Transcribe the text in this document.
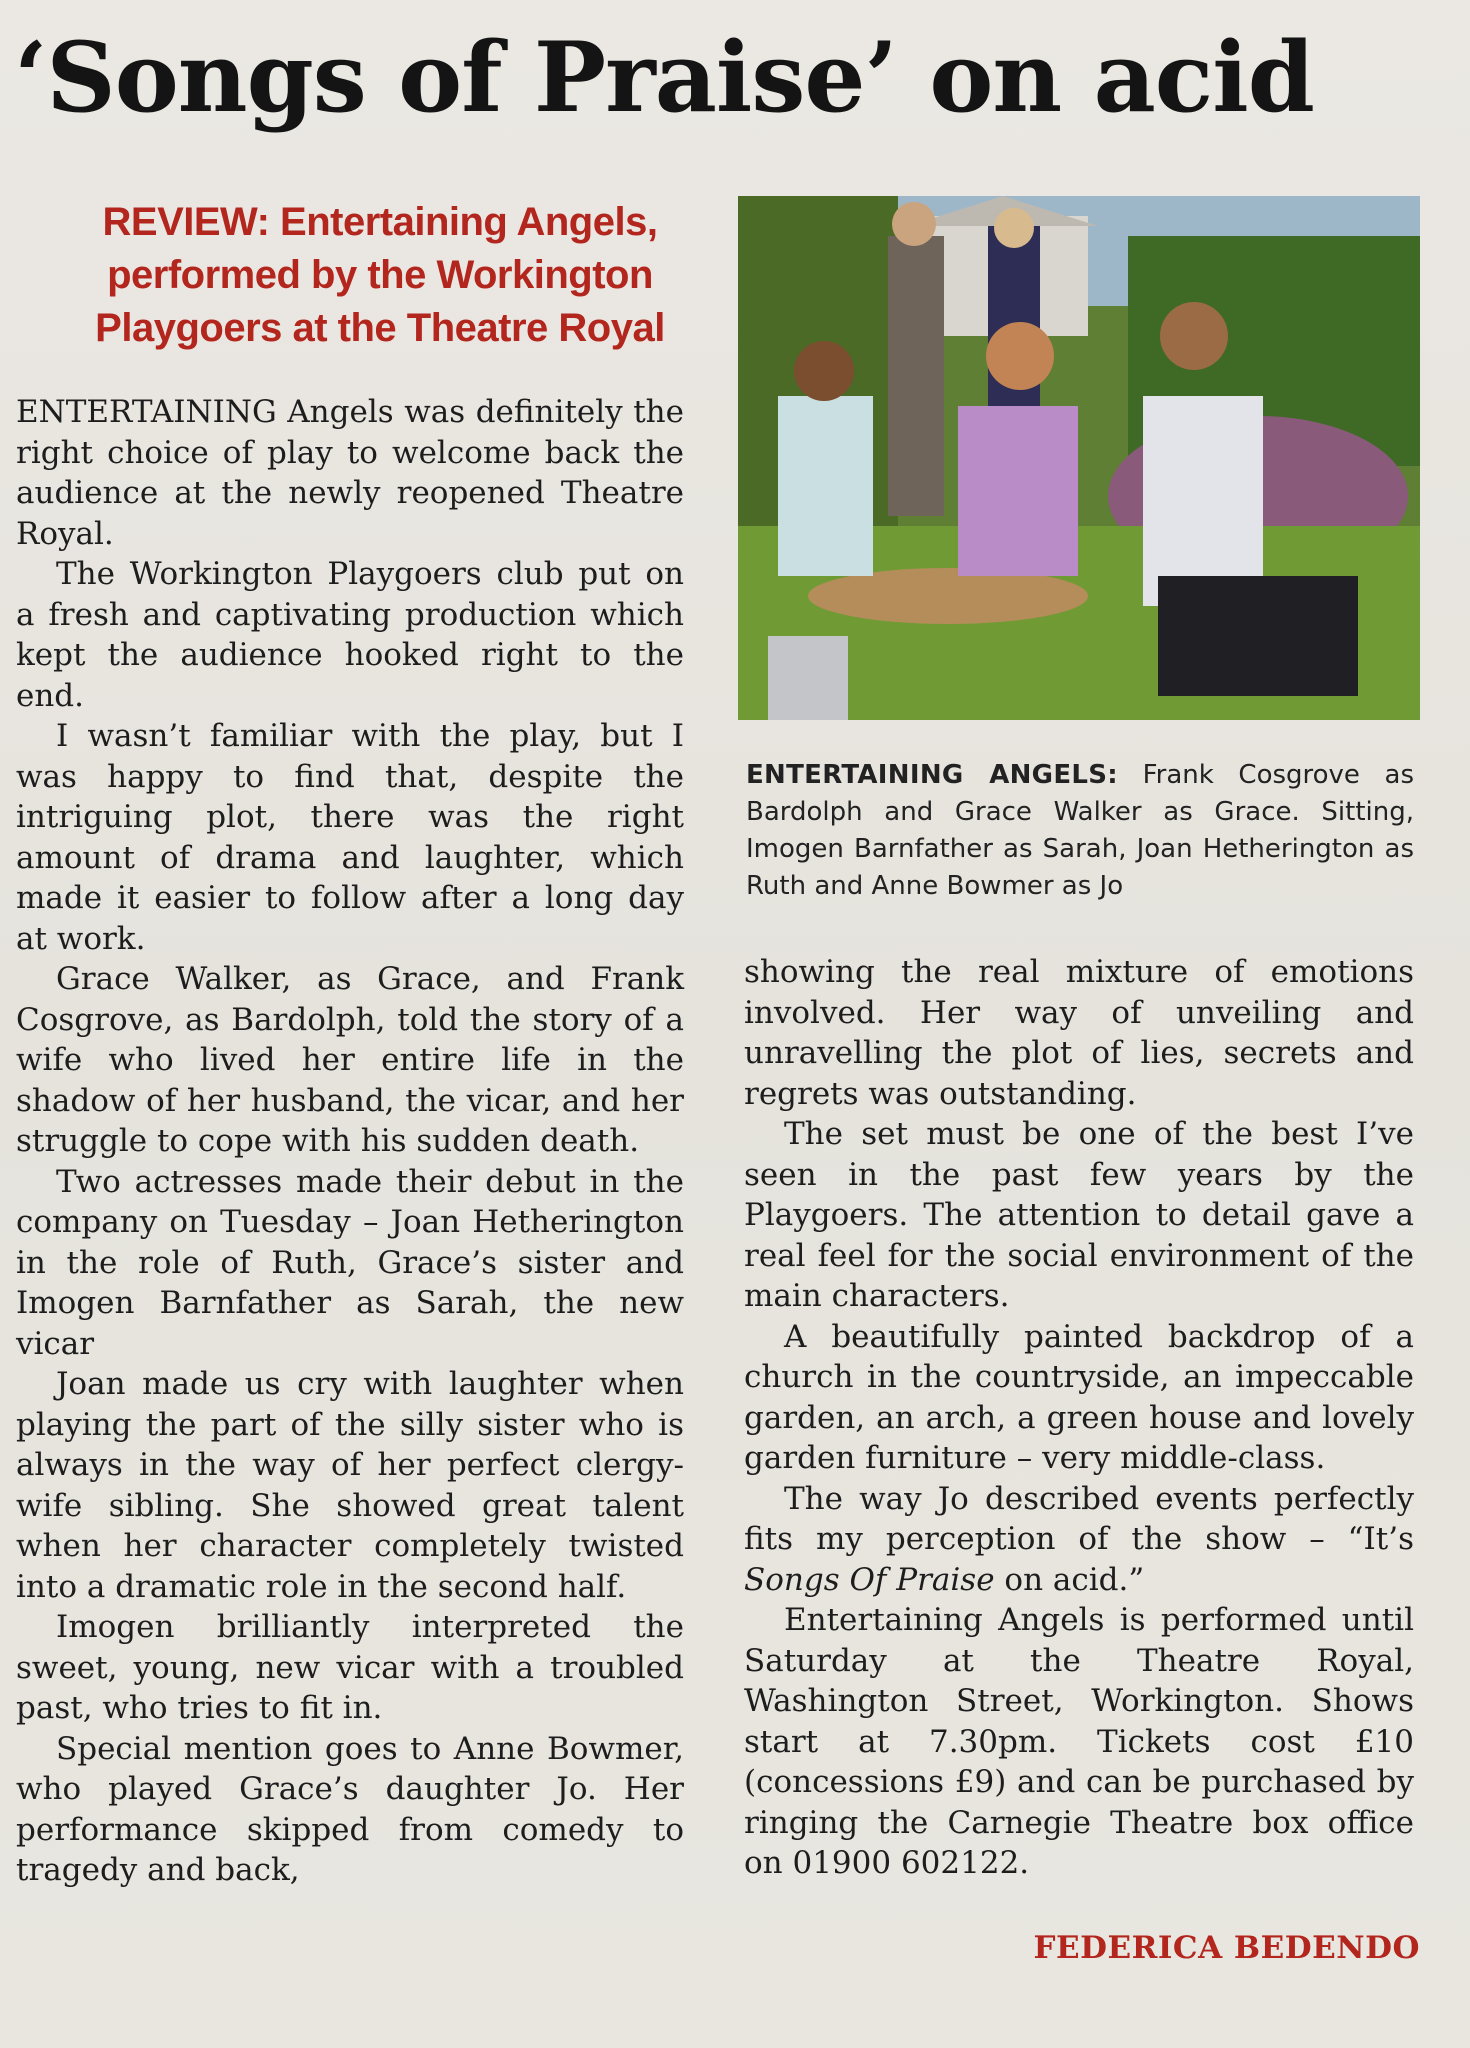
‘Songs of Praise’ on acid
REVIEW: Entertaining Angels, performed by the Workington Playgoers at the Theatre Royal

ENTERTAINING Angels was definitely the right choice of play to welcome back the audience at the newly reopened Theatre Royal.

The Workington Playgoers club put on a fresh and captivating production which kept the audience hooked right to the end.

I wasn’t familiar with the play, but I was happy to find that, despite the intriguing plot, there was the right amount of drama and laughter, which made it easier to follow after a long day at work.

Grace Walker, as Grace, and Frank Cosgrove, as Bardolph, told the story of a wife who lived her entire life in the shadow of her husband, the vicar, and her struggle to cope with his sudden death.

Two actresses made their debut in the company on Tuesday – Joan Hetherington in the role of Ruth, Grace’s sister and Imogen Barnfather as Sarah, the new vicar

Joan made us cry with laughter when playing the part of the silly sister who is always in the way of her perfect clergy-wife sibling. She showed great talent when her character completely twisted into a dramatic role in the second half.

Imogen brilliantly interpreted the sweet, young, new vicar with a troubled past, who tries to fit in.

Special mention goes to Anne Bowmer, who played Grace’s daughter Jo. Her performance skipped from comedy to tragedy and back,

ENTERTAINING ANGELS: Frank Cosgrove as Bardolph and Grace Walker as Grace. Sitting, Imogen Barnfather as Sarah, Joan Hetherington as Ruth and Anne Bowmer as Jo

showing the real mixture of emotions involved. Her way of unveiling and unravelling the plot of lies, secrets and regrets was outstanding.

The set must be one of the best I’ve seen in the past few years by the Playgoers. The attention to detail gave a real feel for the social environment of the main characters.

A beautifully painted backdrop of a church in the countryside, an impeccable garden, an arch, a green house and lovely garden furniture – very middle-class.

The way Jo described events perfectly fits my perception of the show – “It’s Songs Of Praise on acid.”

Entertaining Angels is performed until Saturday at the Theatre Royal, Washington Street, Workington. Shows start at 7.30pm. Tickets cost £10 (concessions £9) and can be purchased by ringing the Carnegie Theatre box office on 01900 602122.

FEDERICA BEDENDO
